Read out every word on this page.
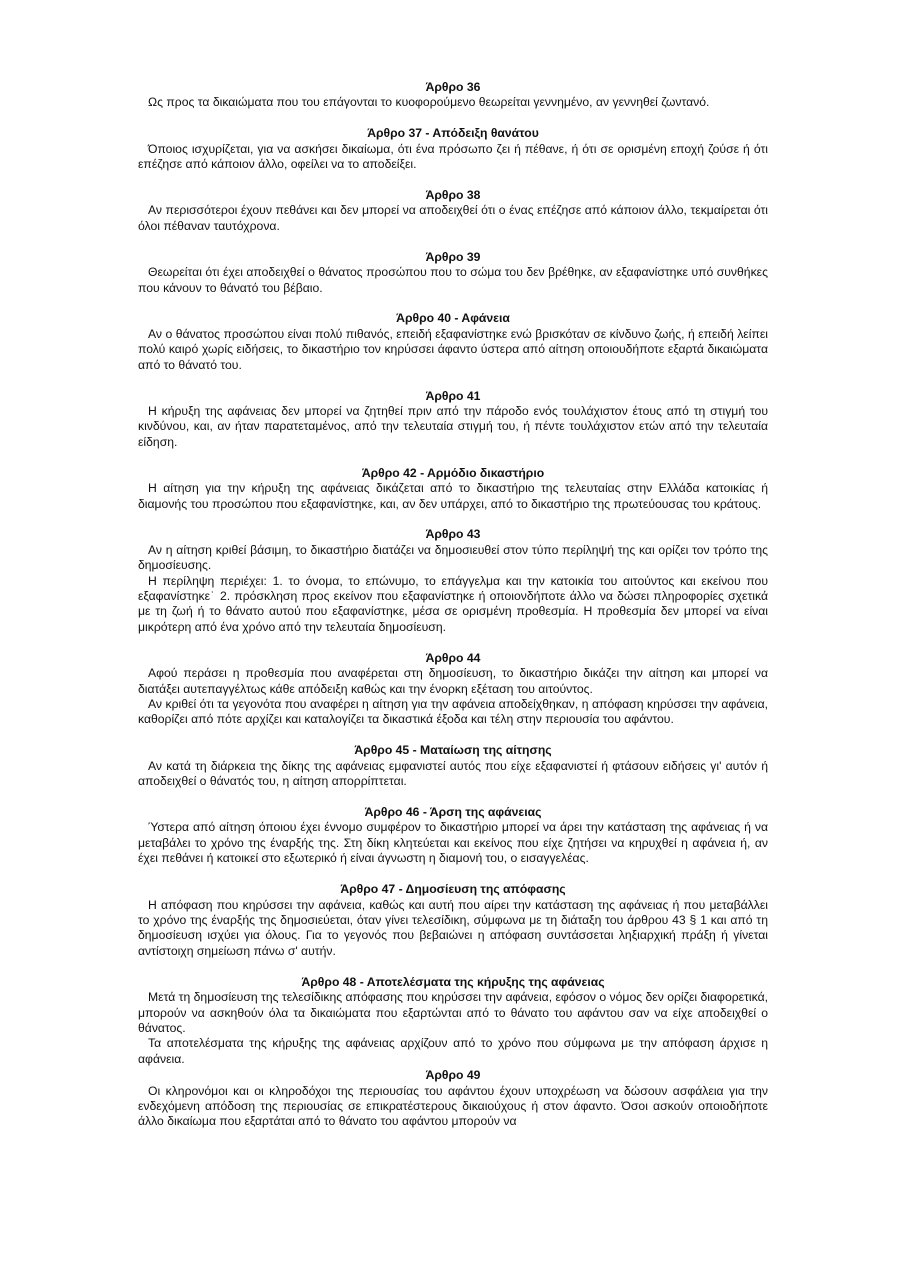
Άρθρο 36
Ως προς τα δικαιώματα που του επάγονται το κυοφορούμενο θεωρείται γεννημένο, αν γεννηθεί ζωντανό.
Άρθρο 37 - Απόδειξη θανάτου
Όποιος ισχυρίζεται, για να ασκήσει δικαίωμα, ότι ένα πρόσωπο ζει ή πέθανε, ή ότι σε ορισμένη εποχή ζούσε ή ότι επέζησε από κάποιον άλλο, οφείλει να το αποδείξει.
Άρθρο 38
Αν περισσότεροι έχουν πεθάνει και δεν μπορεί να αποδειχθεί ότι ο ένας επέζησε από κάποιον άλλο, τεκμαίρεται ότι όλοι πέθαναν ταυτόχρονα.
Άρθρο 39
Θεωρείται ότι έχει αποδειχθεί ο θάνατος προσώπου που το σώμα του δεν βρέθηκε, αν εξαφανίστηκε υπό συνθήκες που κάνουν το θάνατό του βέβαιο.
Άρθρο 40 - Αφάνεια
Αν ο θάνατος προσώπου είναι πολύ πιθανός, επειδή εξαφανίστηκε ενώ βρισκόταν σε κίνδυνο ζωής, ή επειδή λείπει πολύ καιρό χωρίς ειδήσεις, το δικαστήριο τον κηρύσσει άφαντο ύστερα από αίτηση οποιουδήποτε εξαρτά δικαιώματα από το θάνατό του.
Άρθρο 41
Η κήρυξη της αφάνειας δεν μπορεί να ζητηθεί πριν από την πάροδο ενός τουλάχιστον έτους από τη στιγμή του κινδύνου, και, αν ήταν παρατεταμένος, από την τελευταία στιγμή του, ή πέντε τουλάχιστον ετών από την τελευταία είδηση.
Άρθρο 42 - Αρμόδιο δικαστήριο
Η αίτηση για την κήρυξη της αφάνειας δικάζεται από το δικαστήριο της τελευταίας στην Ελλάδα κατοικίας ή διαμονής του προσώπου που εξαφανίστηκε, και, αν δεν υπάρχει, από το δικαστήριο της πρωτεύουσας του κράτους.
Άρθρο 43
Αν η αίτηση κριθεί βάσιμη, το δικαστήριο διατάζει να δημοσιευθεί στον τύπο περίληψή της και ορίζει τον τρόπο της δημοσίευσης.
Η περίληψη περιέχει: 1. το όνομα, το επώνυμο, το επάγγελμα και την κατοικία του αιτούντος και εκείνου που εξαφανίστηκε˙ 2. πρόσκληση προς εκείνον που εξαφανίστηκε ή οποιονδήποτε άλλο να δώσει πληροφορίες σχετικά με τη ζωή ή το θάνατο αυτού που εξαφανίστηκε, μέσα σε ορισμένη προθεσμία. Η προθεσμία δεν μπορεί να είναι μικρότερη από ένα χρόνο από την τελευταία δημοσίευση.
Άρθρο 44
Αφού περάσει η προθεσμία που αναφέρεται στη δημοσίευση, το δικαστήριο δικάζει την αίτηση και μπορεί να διατάξει αυτεπαγγέλτως κάθε απόδειξη καθώς και την ένορκη εξέταση του αιτούντος.
Αν κριθεί ότι τα γεγονότα που αναφέρει η αίτηση για την αφάνεια αποδείχθηκαν, η απόφαση κηρύσσει την αφάνεια, καθορίζει από πότε αρχίζει και καταλογίζει τα δικαστικά έξοδα και τέλη στην περιουσία του αφάντου.
Άρθρο 45 - Ματαίωση της αίτησης
Αν κατά τη διάρκεια της δίκης της αφάνειας εμφανιστεί αυτός που είχε εξαφανιστεί ή φτάσουν ειδήσεις γι' αυτόν ή αποδειχθεί ο θάνατός του, η αίτηση απορρίπτεται.
Άρθρο 46 - Άρση της αφάνειας
Ύστερα από αίτηση όποιου έχει έννομο συμφέρον το δικαστήριο μπορεί να άρει την κατάσταση της αφάνειας ή να μεταβάλει το χρόνο της έναρξής της. Στη δίκη κλητεύεται και εκείνος που είχε ζητήσει να κηρυχθεί η αφάνεια ή, αν έχει πεθάνει ή κατοικεί στο εξωτερικό ή είναι άγνωστη η διαμονή του, ο εισαγγελέας.
Άρθρο 47 - Δημοσίευση της απόφασης
Η απόφαση που κηρύσσει την αφάνεια, καθώς και αυτή που αίρει την κατάσταση της αφάνειας ή που μεταβάλλει το χρόνο της έναρξής της δημοσιεύεται, όταν γίνει τελεσίδικη, σύμφωνα με τη διάταξη του άρθρου 43 § 1 και από τη δημοσίευση ισχύει για όλους. Για το γεγονός που βεβαιώνει η απόφαση συντάσσεται ληξιαρχική πράξη ή γίνεται αντίστοιχη σημείωση πάνω σ' αυτήν.
Άρθρο 48 - Αποτελέσματα της κήρυξης της αφάνειας
Μετά τη δημοσίευση της τελεσίδικης απόφασης που κηρύσσει την αφάνεια, εφόσον ο νόμος δεν ορίζει διαφορετικά, μπορούν να ασκηθούν όλα τα δικαιώματα που εξαρτώνται από το θάνατο του αφάντου σαν να είχε αποδειχθεί ο θάνατος.
Τα αποτελέσματα της κήρυξης της αφάνειας αρχίζουν από το χρόνο που σύμφωνα με την απόφαση άρχισε η αφάνεια.
Άρθρο 49
Οι κληρονόμοι και οι κληροδόχοι της περιουσίας του αφάντου έχουν υποχρέωση να δώσουν ασφάλεια για την ενδεχόμενη απόδοση της περιουσίας σε επικρατέστερους δικαιούχους ή στον άφαντο. Όσοι ασκούν οποιοδήποτε άλλο δικαίωμα που εξαρτάται από το θάνατο του αφάντου μπορούν να
